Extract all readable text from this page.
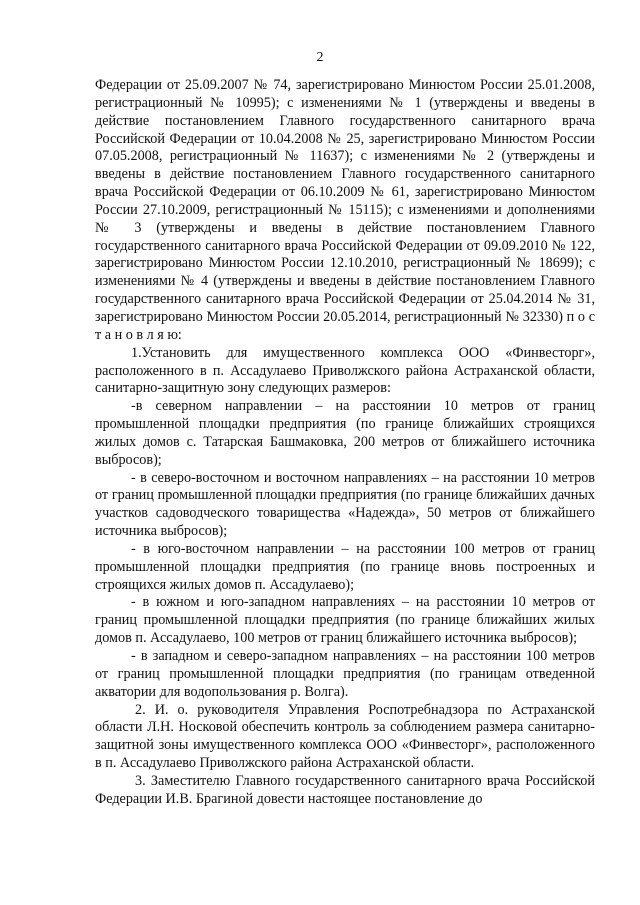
2

Федерации от 25.09.2007 № 74, зарегистрировано Минюстом России 25.01.2008, регистрационный № 10995); с изменениями № 1 (утверждены и введены в действие постановлением Главного государственного санитарного врача Российской Федерации от 10.04.2008 № 25, зарегистрировано Минюстом России 07.05.2008, регистрационный № 11637); с изменениями № 2 (утверждены и введены в действие постановлением Главного государственного санитарного врача Российской Федерации от 06.10.2009 № 61, зарегистрировано Минюстом России 27.10.2009, регистрационный № 15115); с изменениями и дополнениями № 3 (утверждены и введены в действие постановлением Главного государственного санитарного врача Российской Федерации от 09.09.2010 № 122, зарегистрировано Минюстом России 12.10.2010, регистрационный № 18699); с изменениями № 4 (утверждены и введены в действие постановлением Главного государственного санитарного врача Российской Федерации от 25.04.2014 № 31, зарегистрировано Минюстом России 20.05.2014, регистрационный № 32330) п о с т а н о в л я ю:

1.Установить для имущественного комплекса ООО «Финвесторг», расположенного в п. Ассадулаево Приволжского района Астраханской области, санитарно-защитную зону следующих размеров:

-в северном направлении – на расстоянии 10 метров от границ промышленной площадки предприятия (по границе ближайших строящихся жилых домов с. Татарская Башмаковка, 200 метров от ближайшего источника выбросов);

- в северо-восточном и восточном направлениях – на расстоянии 10 метров от границ промышленной площадки предприятия (по границе ближайших дачных участков садоводческого товарищества «Надежда», 50 метров от ближайшего источника выбросов);

- в юго-восточном направлении – на расстоянии 100 метров от границ промышленной площадки предприятия (по границе вновь построенных и строящихся жилых домов п. Ассадулаево);

- в южном и юго-западном направлениях – на расстоянии 10 метров от границ промышленной площадки предприятия (по границе ближайших жилых домов п. Ассадулаево, 100 метров от границ ближайшего источника выбросов);

- в западном и северо-западном направлениях – на расстоянии 100 метров от границ промышленной площадки предприятия (по границам отведенной акватории для водопользования р. Волга).

2. И. о. руководителя Управления Роспотребнадзора по Астраханской области Л.Н. Носковой обеспечить контроль за соблюдением размера санитарно-защитной зоны имущественного комплекса ООО «Финвесторг», расположенного в п. Ассадулаево Приволжского района Астраханской области.

3. Заместителю Главного государственного санитарного врача Российской Федерации И.В. Брагиной довести настоящее постановление до
